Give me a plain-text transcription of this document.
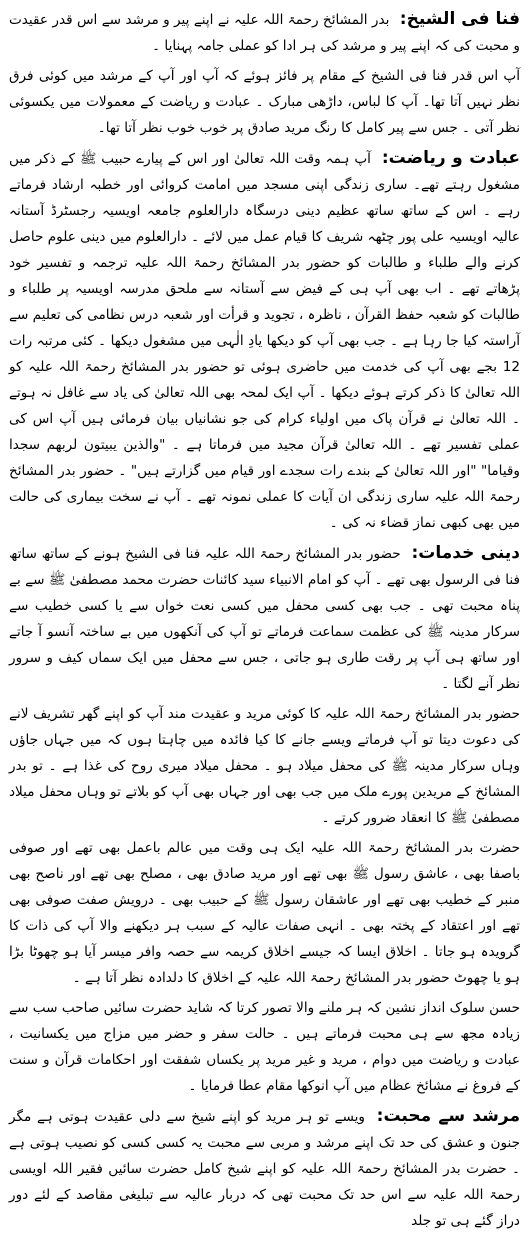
فنا فی الشیخ: بدر المشائخ رحمۃ اللہ علیہ نے اپنے پیر و مرشد سے اس قدر عقیدت و محبت کی کہ اپنے پیر و مرشد کی ہر ادا کو عملی جامہ پہنایا ۔

آپ اس قدر فنا فی الشیخ کے مقام پر فائز ہوئے کہ آپ اور آپ کے مرشد میں کوئی فرق نظر نہیں آتا تھا۔ آپ کا لباس، داڑھی مبارک ۔ عبادت و ریاضت کے معمولات میں یکسوئی نظر آتی ۔ جس سے پیر کامل کا رنگ مرید صادق پر خوب خوب نظر آتا تھا۔

عبادت و ریاضت: آپ ہمہ وقت اللہ تعالیٰ اور اس کے پیارے حبیب ﷺ کے ذکر میں مشغول رہتے تھے۔ ساری زندگی اپنی مسجد میں امامت کروائی اور خطبہ ارشاد فرماتے رہے ۔ اس کے ساتھ ساتھ عظیم دینی درسگاہ دارالعلوم جامعہ اویسیہ رجسٹرڈ آستانہ عالیہ اویسیہ علی پور چٹھہ شریف کا قیام عمل میں لائے ۔ دارالعلوم میں دینی علوم حاصل کرنے والے طلباء و طالبات کو حضور بدر المشائخ رحمۃ اللہ علیہ ترجمہ و تفسیر خود پڑھاتے تھے ۔ اب بھی آپ ہی کے فیض سے آستانہ سے ملحق مدرسہ اویسیہ پر طلباء و طالبات کو شعبہ حفظ القرآن ، ناظرہ ، تجوید و قرأت اور شعبہ درس نظامی کی تعلیم سے آراستہ کیا جا رہا ہے ۔ جب بھی آپ کو دیکھا یادِ الٰہی میں مشغول دیکھا ۔ کئی مرتبہ رات 12 بجے بھی آپ کی خدمت میں حاضری ہوئی تو حضور بدر المشائخ رحمۃ اللہ علیہ کو اللہ تعالیٰ کا ذکر کرتے ہوئے دیکھا ۔ آپ ایک لمحہ بھی اللہ تعالیٰ کی یاد سے غافل نہ ہوتے ۔ اللہ تعالیٰ نے قرآن پاک میں اولیاء کرام کی جو نشانیاں بیان فرمائی ہیں آپ اس کی عملی تفسیر تھے ۔ اللہ تعالیٰ قرآن مجید میں فرماتا ہے ۔ "والذین یبیتون لربھم سجدا وقیاما" "اور اللہ تعالیٰ کے بندے رات سجدے اور قیام میں گزارتے ہیں" ۔ حضور بدر المشائخ رحمۃ اللہ علیہ ساری زندگی ان آیات کا عملی نمونہ تھے ۔ آپ نے سخت بیماری کی حالت میں بھی کبھی نماز قضاء نہ کی ۔

دینی خدمات: حضور بدر المشائخ رحمۃ اللہ علیہ فنا فی الشیخ ہونے کے ساتھ ساتھ فنا فی الرسول بھی تھے ۔ آپ کو امام الانبیاء سید کائنات حضرت محمد مصطفیٰ ﷺ سے بے پناہ محبت تھی ۔ جب بھی کسی محفل میں کسی نعت خواں سے یا کسی خطیب سے سرکار مدینہ ﷺ کی عظمت سماعت فرماتے تو آپ کی آنکھوں میں بے ساختہ آنسو آ جاتے اور ساتھ ہی آپ پر رقت طاری ہو جاتی ، جس سے محفل میں ایک سماں کیف و سرور نظر آنے لگتا ۔

حضور بدر المشائخ رحمۃ اللہ علیہ کا کوئی مرید و عقیدت مند آپ کو اپنے گھر تشریف لانے کی دعوت دیتا تو آپ فرماتے ویسے جانے کا کیا فائدہ میں چاہتا ہوں کہ میں جہاں جاؤں وہاں سرکار مدینہ ﷺ کی محفل میلاد ہو ۔ محفل میلاد میری روح کی غذا ہے ۔ تو بدر المشائخ کے مریدین پورے ملک میں جب بھی اور جہاں بھی آپ کو بلاتے تو وہاں محفل میلاد مصطفیٰ ﷺ کا انعقاد ضرور کرتے ۔

حضرت بدر المشائخ رحمۃ اللہ علیہ ایک ہی وقت میں عالم باعمل بھی تھے اور صوفی باصفا بھی ، عاشق رسول ﷺ بھی تھے اور مرید صادق بھی ، مصلح بھی تھے اور ناصح بھی منبر کے خطیب بھی تھے اور عاشقان رسول ﷺ کے حبیب بھی ۔ درویش صفت صوفی بھی تھے اور اعتقاد کے پختہ بھی ۔ انہی صفات عالیہ کے سبب ہر دیکھنے والا آپ کی ذات کا گرویدہ ہو جاتا ۔ اخلاق ایسا کہ جیسے اخلاق کریمہ سے حصہ وافر میسر آیا ہو چھوٹا بڑا ہو یا چھوٹ حضور بدر المشائخ رحمۃ اللہ علیہ کے اخلاق کا دلدادہ نظر آتا ہے ۔

حسن سلوک انداز نشین کہ ہر ملنے والا تصور کرتا کہ شاید حضرت سائیں صاحب سب سے زیادہ مجھ سے ہی محبت فرماتے ہیں ۔ حالت سفر و حضر میں مزاج میں یکسانیت ، عبادت و ریاضت میں دوام ، مرید و غیر مرید پر یکساں شفقت اور احکامات قرآن و سنت کے فروغ نے مشائخ عظام میں آپ انوکھا مقام عطا فرمایا ۔

مرشد سے محبت: ویسے تو ہر مرید کو اپنے شیخ سے دلی عقیدت ہوتی ہے مگر جنون و عشق کی حد تک اپنے مرشد و مربی سے محبت یہ کسی کسی کو نصیب ہوتی ہے ۔ حضرت بدر المشائخ رحمۃ اللہ علیہ کو اپنے شیخ کامل حضرت سائیں فقیر اللہ اویسی رحمۃ اللہ علیہ سے اس حد تک محبت تھی کہ دربار عالیہ سے تبلیغی مقاصد کے لئے دور دراز گئے ہی تو جلد
